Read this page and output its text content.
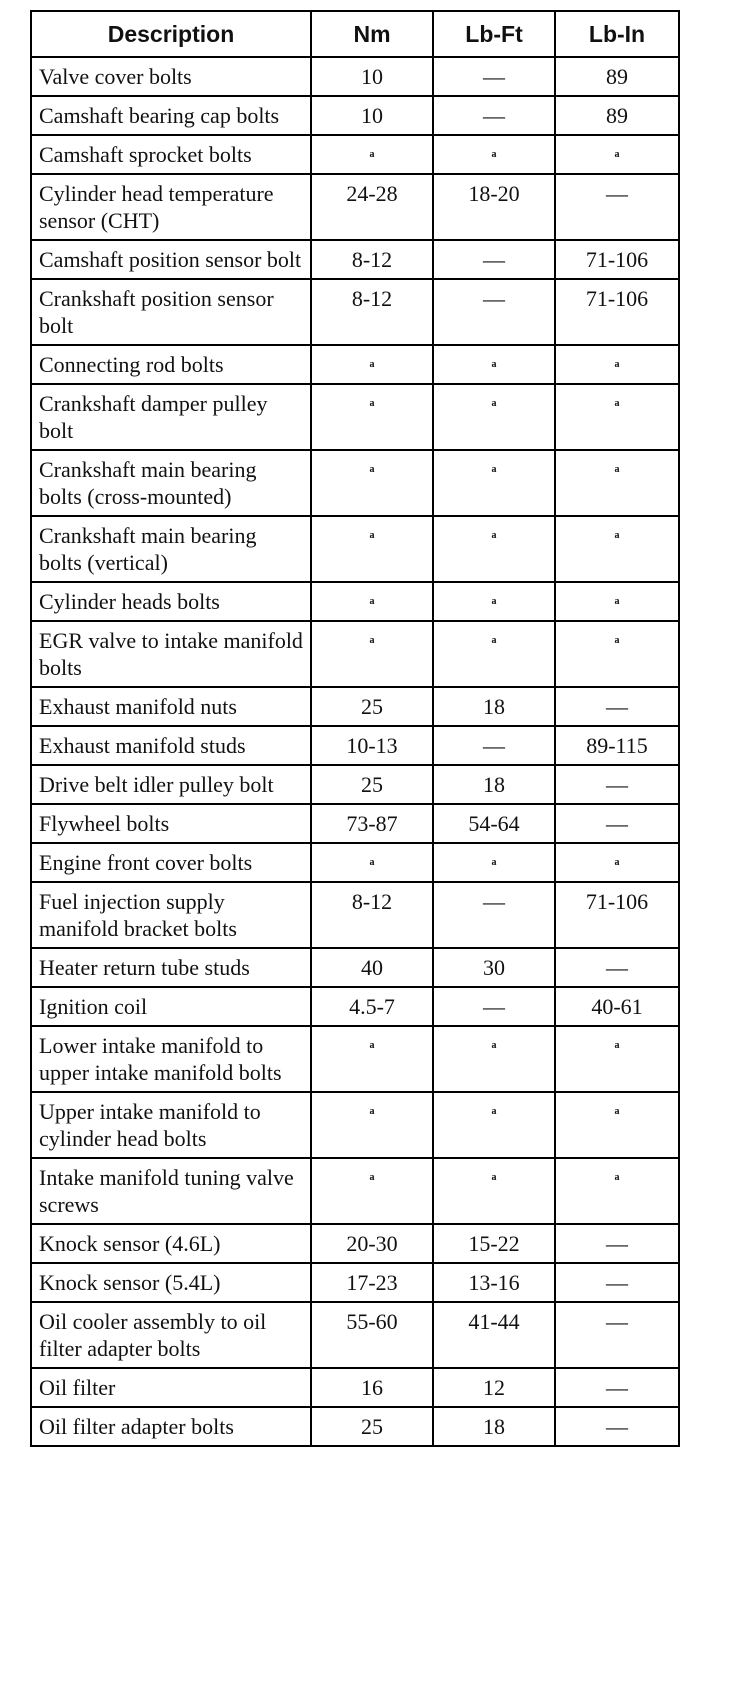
Description	Nm	Lb-Ft	Lb-In
Valve cover bolts	10	—	89
Camshaft bearing cap bolts	10	—	89
Camshaft sprocket bolts	a	a	a
Cylinder head temperature sensor (CHT)	24-28	18-20	—
Camshaft position sensor bolt	8-12	—	71-106
Crankshaft position sensor bolt	8-12	—	71-106
Connecting rod bolts	a	a	a
Crankshaft damper pulley bolt	a	a	a
Crankshaft main bearing bolts (cross-mounted)	a	a	a
Crankshaft main bearing bolts (vertical)	a	a	a
Cylinder heads bolts	a	a	a
EGR valve to intake manifold bolts	a	a	a
Exhaust manifold nuts	25	18	—
Exhaust manifold studs	10-13	—	89-115
Drive belt idler pulley bolt	25	18	—
Flywheel bolts	73-87	54-64	—
Engine front cover bolts	a	a	a
Fuel injection supply manifold bracket bolts	8-12	—	71-106
Heater return tube studs	40	30	—
Ignition coil	4.5-7	—	40-61
Lower intake manifold to upper intake manifold bolts	a	a	a
Upper intake manifold to cylinder head bolts	a	a	a
Intake manifold tuning valve screws	a	a	a
Knock sensor (4.6L)	20-30	15-22	—
Knock sensor (5.4L)	17-23	13-16	—
Oil cooler assembly to oil filter adapter bolts	55-60	41-44	—
Oil filter	16	12	—
Oil filter adapter bolts	25	18	—
